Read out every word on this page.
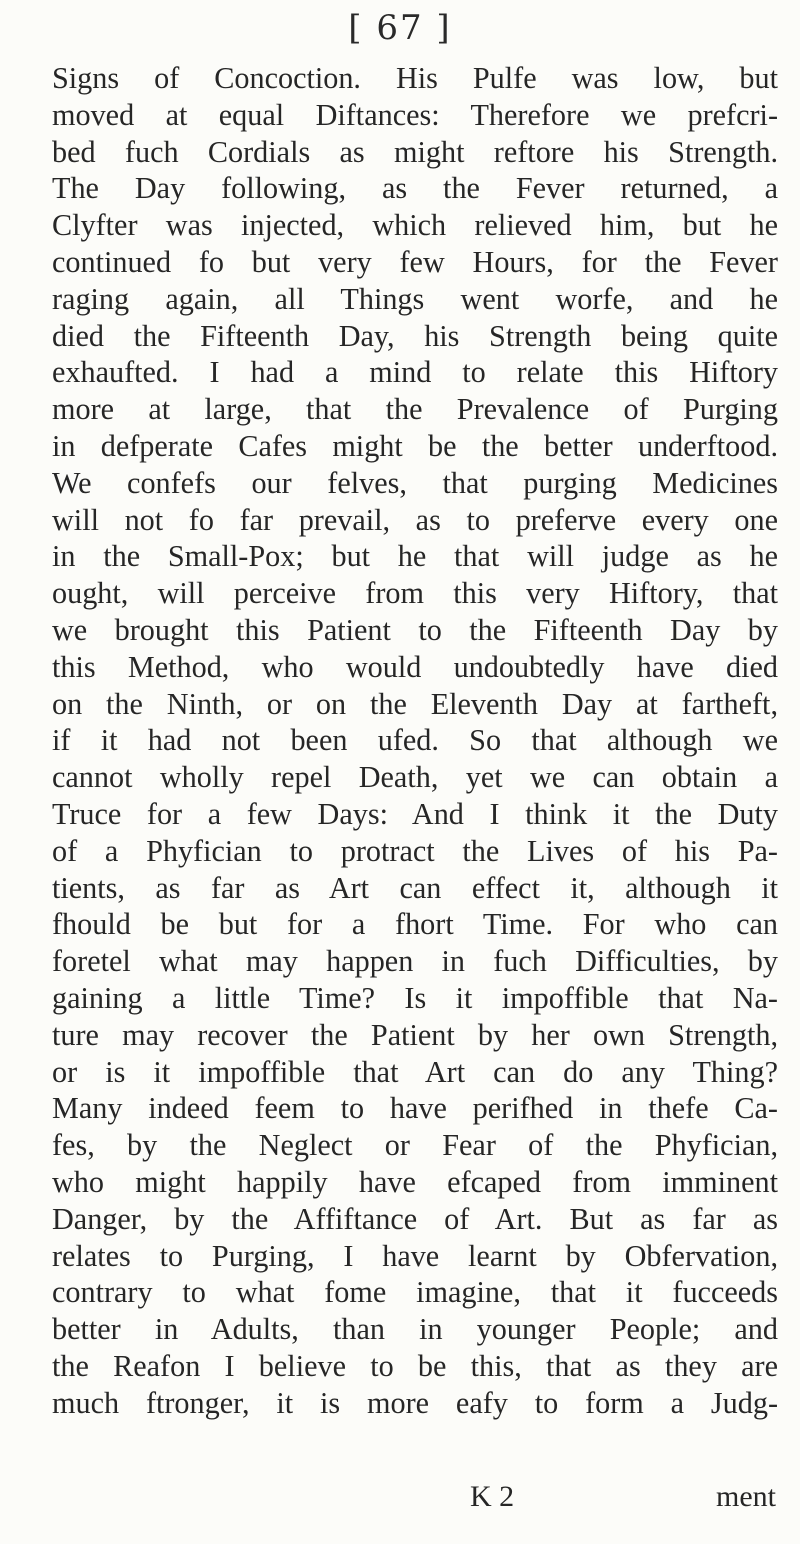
[ 67 ]
Signs of Concoction. His Pulfe was low, but
moved at equal Diftances: Therefore we prefcri-
bed fuch Cordials as might reftore his Strength.
The Day following, as the Fever returned, a
Clyfter was injected, which relieved him, but he
continued fo but very few Hours, for the Fever
raging again, all Things went worfe, and he
died the Fifteenth Day, his Strength being quite
exhaufted. I had a mind to relate this Hiftory
more at large, that the Prevalence of Purging
in defperate Cafes might be the better underftood.
We confefs our felves, that purging Medicines
will not fo far prevail, as to preferve every one
in the Small-Pox; but he that will judge as he
ought, will perceive from this very Hiftory, that
we brought this Patient to the Fifteenth Day by
this Method, who would undoubtedly have died
on the Ninth, or on the Eleventh Day at fartheft,
if it had not been ufed. So that although we
cannot wholly repel Death, yet we can obtain a
Truce for a few Days: And I think it the Duty
of a Phyfician to protract the Lives of his Pa-
tients, as far as Art can effect it, although it
fhould be but for a fhort Time. For who can
foretel what may happen in fuch Difficulties, by
gaining a little Time? Is it impoffible that Na-
ture may recover the Patient by her own Strength,
or is it impoffible that Art can do any Thing?
Many indeed feem to have perifhed in thefe Ca-
fes, by the Neglect or Fear of the Phyfician,
who might happily have efcaped from imminent
Danger, by the Affiftance of Art. But as far as
relates to Purging, I have learnt by Obfervation,
contrary to what fome imagine, that it fucceeds
better in Adults, than in younger People; and
the Reafon I believe to be this, that as they are
much ftronger, it is more eafy to form a Judg-
K 2	ment
